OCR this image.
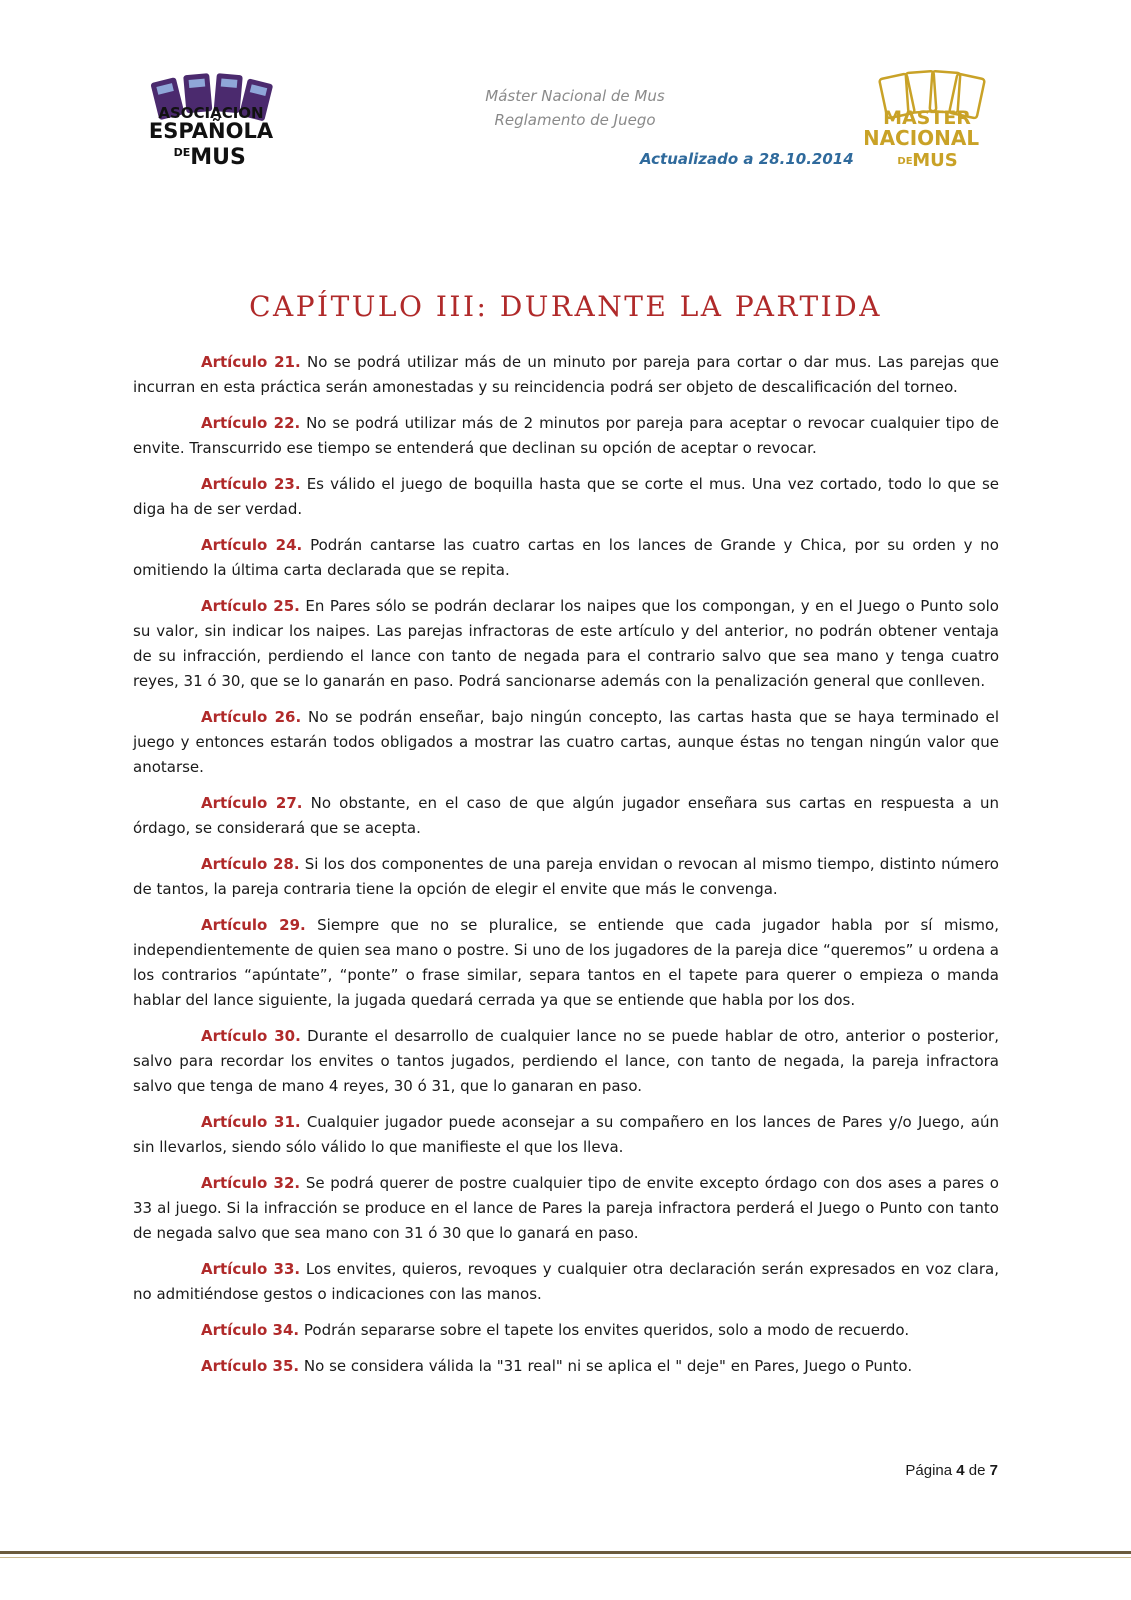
ASOCIACION
ESPAÑOLA
DE MUS
Máster Nacional de Mus
Reglamento de Juego
Actualizado a 28.10.2014
MASTER
NACIONAL
DE MUS
CAPÍTULO III: DURANTE LA PARTIDA

Artículo 21. No se podrá utilizar más de un minuto por pareja para cortar o dar mus. Las parejas que incurran en esta práctica serán amonestadas y su reincidencia podrá ser objeto de descalificación del torneo.

Artículo 22. No se podrá utilizar más de 2 minutos por pareja para aceptar o revocar cualquier tipo de envite. Transcurrido ese tiempo se entenderá que declinan su opción de aceptar o revocar.

Artículo 23. Es válido el juego de boquilla hasta que se corte el mus. Una vez cortado, todo lo que se diga ha de ser verdad.

Artículo 24. Podrán cantarse las cuatro cartas en los lances de Grande y Chica, por su orden y no omitiendo la última carta declarada que se repita.

Artículo 25. En Pares sólo se podrán declarar los naipes que los compongan, y en el Juego o Punto solo su valor, sin indicar los naipes. Las parejas infractoras de este artículo y del anterior, no podrán obtener ventaja de su infracción, perdiendo el lance con tanto de negada para el contrario salvo que sea mano y tenga cuatro reyes, 31 ó 30, que se lo ganarán en paso. Podrá sancionarse además con la penalización general que conlleven.

Artículo 26. No se podrán enseñar, bajo ningún concepto, las cartas hasta que se haya terminado el juego y entonces estarán todos obligados a mostrar las cuatro cartas, aunque éstas no tengan ningún valor que anotarse.

Artículo 27. No obstante, en el caso de que algún jugador enseñara sus cartas en respuesta a un órdago, se considerará que se acepta.

Artículo 28. Si los dos componentes de una pareja envidan o revocan al mismo tiempo, distinto número de tantos, la pareja contraria tiene la opción de elegir el envite que más le convenga.

Artículo 29. Siempre que no se pluralice, se entiende que cada jugador habla por sí mismo, independientemente de quien sea mano o postre. Si uno de los jugadores de la pareja dice “queremos” u ordena a los contrarios “apúntate”, “ponte” o frase similar, separa tantos en el tapete para querer o empieza o manda hablar del lance siguiente, la jugada quedará cerrada ya que se entiende que habla por los dos.

Artículo 30. Durante el desarrollo de cualquier lance no se puede hablar de otro, anterior o posterior, salvo para recordar los envites o tantos jugados, perdiendo el lance, con tanto de negada, la pareja infractora salvo que tenga de mano 4 reyes, 30 ó 31, que lo ganaran en paso.

Artículo 31. Cualquier jugador puede aconsejar a su compañero en los lances de Pares y/o Juego, aún sin llevarlos, siendo sólo válido lo que manifieste el que los lleva.

Artículo 32. Se podrá querer de postre cualquier tipo de envite excepto órdago con dos ases a pares o 33 al juego. Si la infracción se produce en el lance de Pares la pareja infractora perderá el Juego o Punto con tanto de negada salvo que sea mano con 31 ó 30 que lo ganará en paso.

Artículo 33. Los envites, quieros, revoques y cualquier otra declaración serán expresados en voz clara, no admitiéndose gestos o indicaciones con las manos.

Artículo 34. Podrán separarse sobre el tapete los envites queridos, solo a modo de recuerdo.

Artículo 35. No se considera válida la "31 real" ni se aplica el " deje" en Pares, Juego o Punto.

Página 4 de 7
